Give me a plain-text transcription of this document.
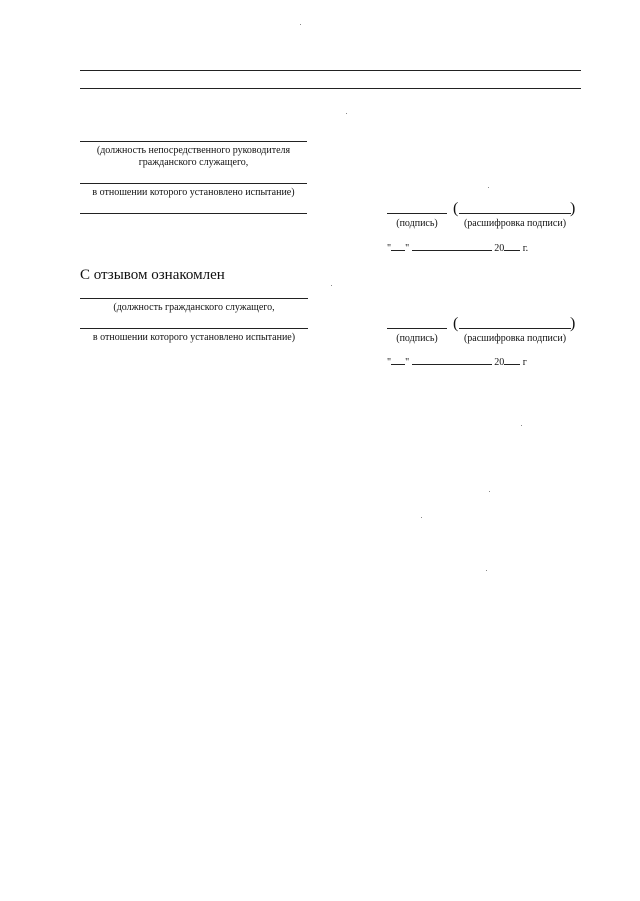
(должность непосредственного руководителя
гражданского служащего,
в отношении которого установлено испытание)
(	)
(подпись)	(расшифровка подписи)
" "	20 г.
С отзывом ознакомлен
(должность гражданского служащего,
в отношении которого установлено испытание)
(	)
(подпись)	(расшифровка подписи)
" "	20 г
